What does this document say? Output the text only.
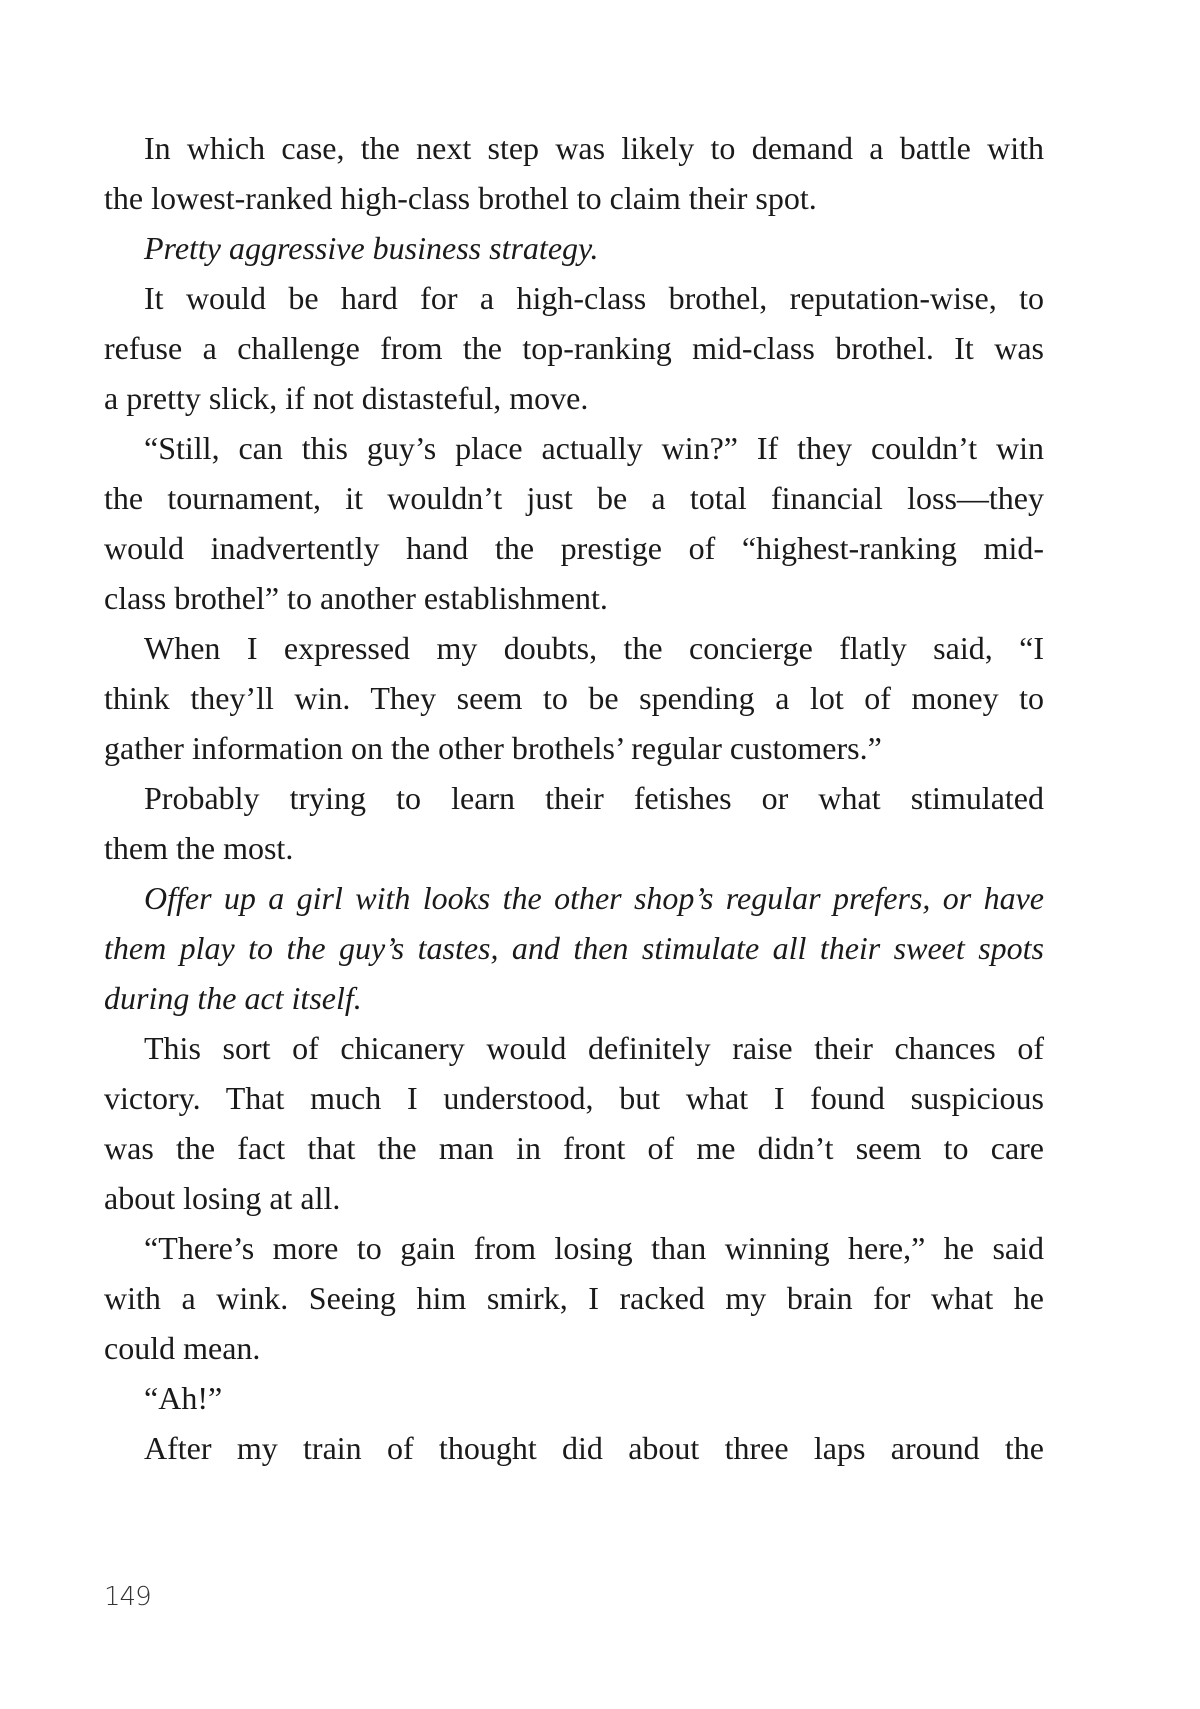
149
In which case, the next step was likely to demand a battle with
the lowest-ranked high-class brothel to claim their spot.
Pretty aggressive business strategy.
It would be hard for a high-class brothel, reputation-wise, to
refuse a challenge from the top-ranking mid-class brothel. It was
a pretty slick, if not distasteful, move.
“Still, can this guy’s place actually win?” If they couldn’t win
the tournament, it wouldn’t just be a total financial loss—they
would inadvertently hand the prestige of “highest-ranking mid-
class brothel” to another establishment.
When I expressed my doubts, the concierge flatly said, “I
think they’ll win. They seem to be spending a lot of money to
gather information on the other brothels’ regular customers.”
Probably trying to learn their fetishes or what stimulated
them the most.
Offer up a girl with looks the other shop’s regular prefers, or have
them play to the guy’s tastes, and then stimulate all their sweet spots
during the act itself.
This sort of chicanery would definitely raise their chances of
victory. That much I understood, but what I found suspicious
was the fact that the man in front of me didn’t seem to care
about losing at all.
“There’s more to gain from losing than winning here,” he said
with a wink. Seeing him smirk, I racked my brain for what he
could mean.
“Ah!”
After my train of thought did about three laps around the
